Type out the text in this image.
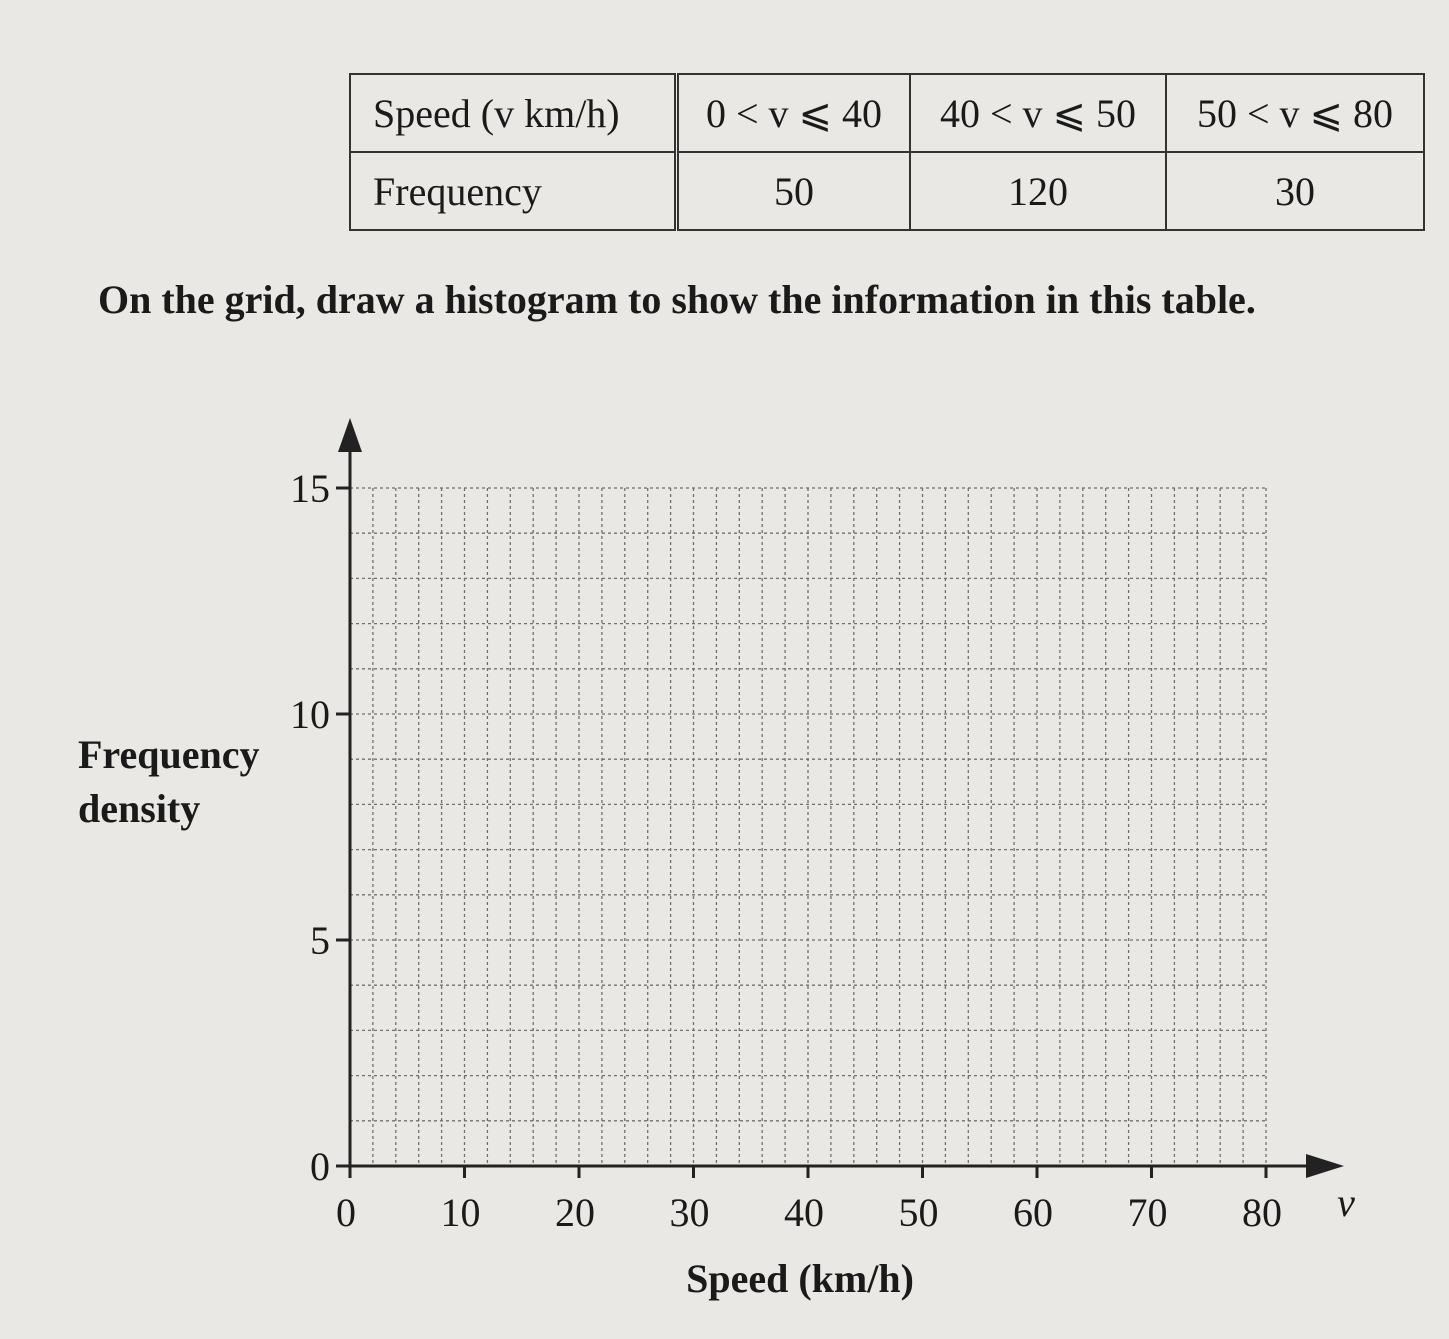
Speed (v km/h)	0 < v ⩽ 40	40 < v ⩽ 50	50 < v ⩽ 80
Frequency	50	120	30
On the grid, draw a histogram to show the information in this table.
Frequency density
0 10 20 30 40 50 60 70 80
0
5
10
15
v
Speed (km/h)
